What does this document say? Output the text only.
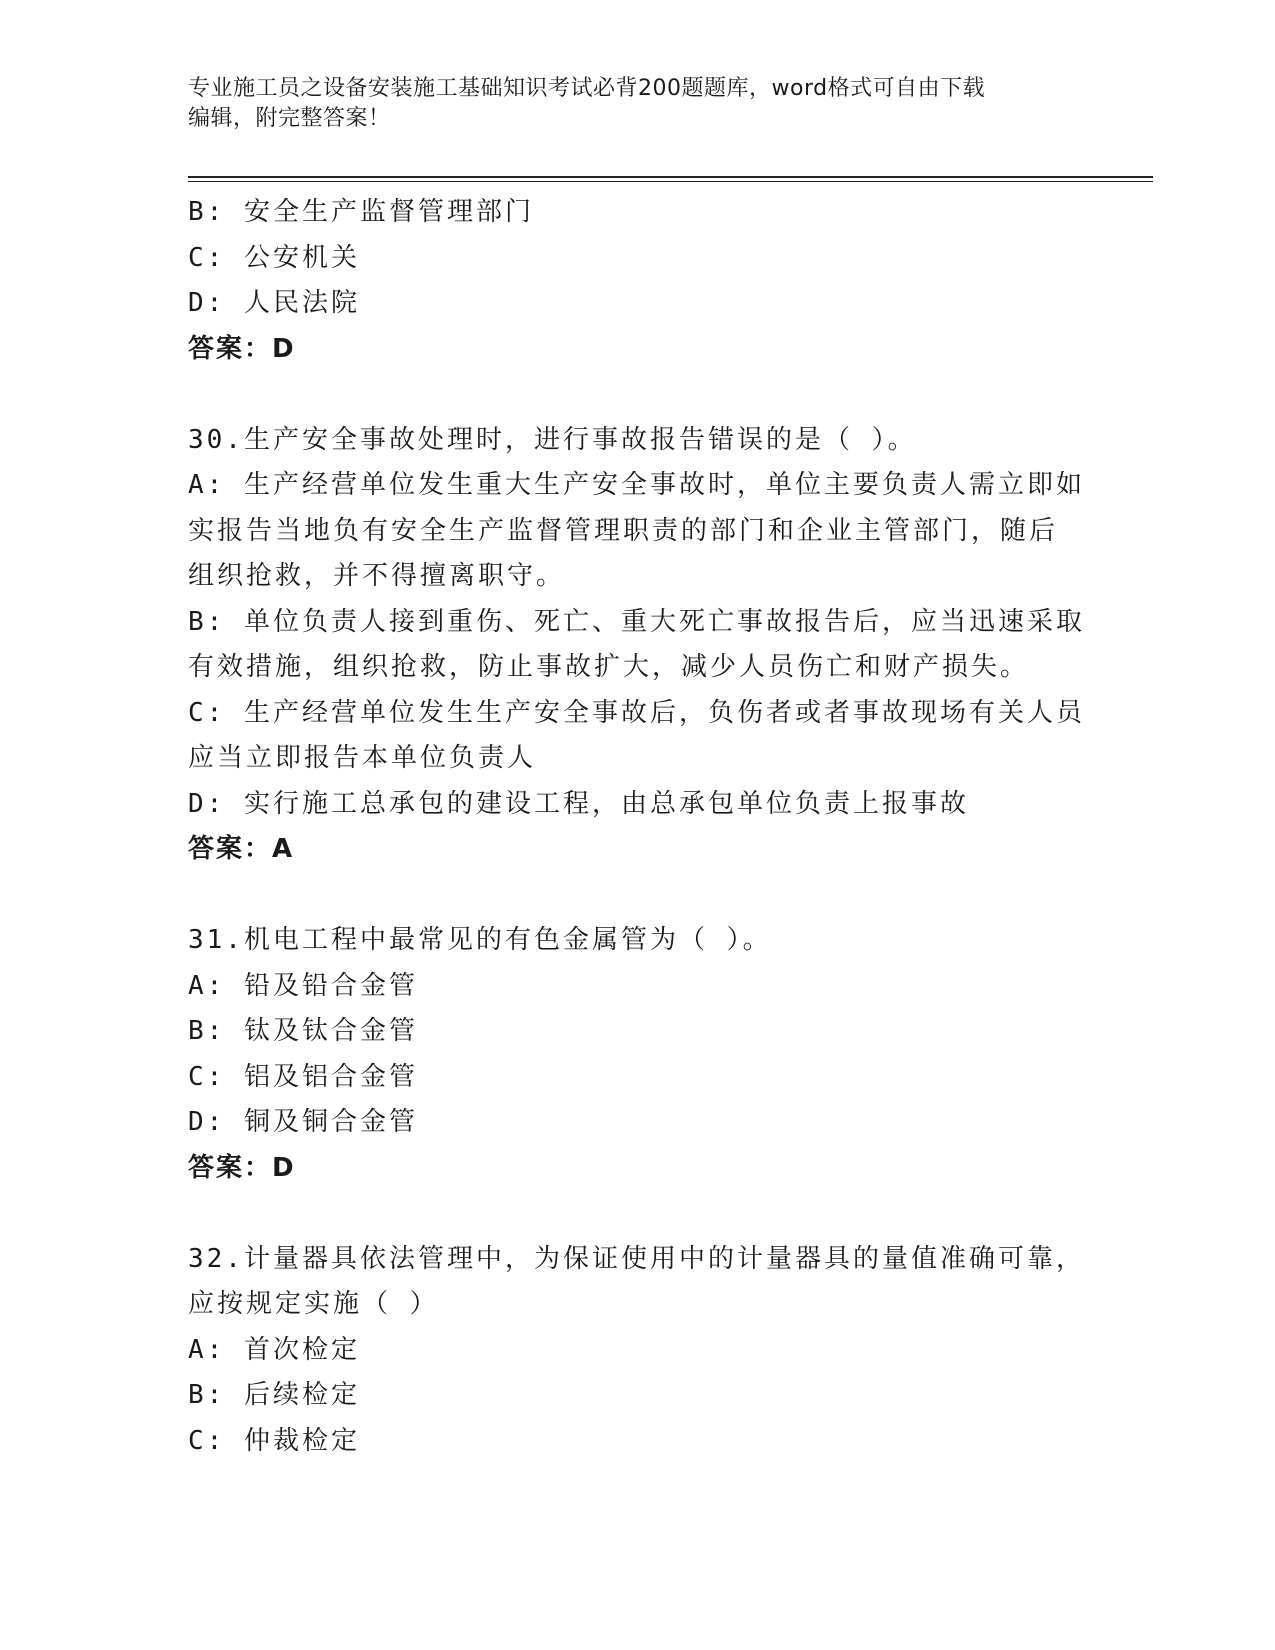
专业施工员之设备安装施工基础知识考试必背200题题库，word格式可自由下载
编辑，附完整答案！
B: 安全生产监督管理部门
C: 公安机关
D: 人民法院
答案：D
30.生产安全事故处理时，进行事故报告错误的是（ ）。
A: 生产经营单位发生重大生产安全事故时，单位主要负责人需立即如
实报告当地负有安全生产监督管理职责的部门和企业主管部门，随后
组织抢救，并不得擅离职守。
B: 单位负责人接到重伤、死亡、重大死亡事故报告后，应当迅速采取
有效措施，组织抢救，防止事故扩大，减少人员伤亡和财产损失。
C: 生产经营单位发生生产安全事故后，负伤者或者事故现场有关人员
应当立即报告本单位负责人
D: 实行施工总承包的建设工程，由总承包单位负责上报事故
答案：A
31.机电工程中最常见的有色金属管为（ ）。
A: 铅及铅合金管
B: 钛及钛合金管
C: 铝及铝合金管
D: 铜及铜合金管
答案：D
32.计量器具依法管理中，为保证使用中的计量器具的量值准确可靠，
应按规定实施（ ）
A: 首次检定
B: 后续检定
C: 仲裁检定
